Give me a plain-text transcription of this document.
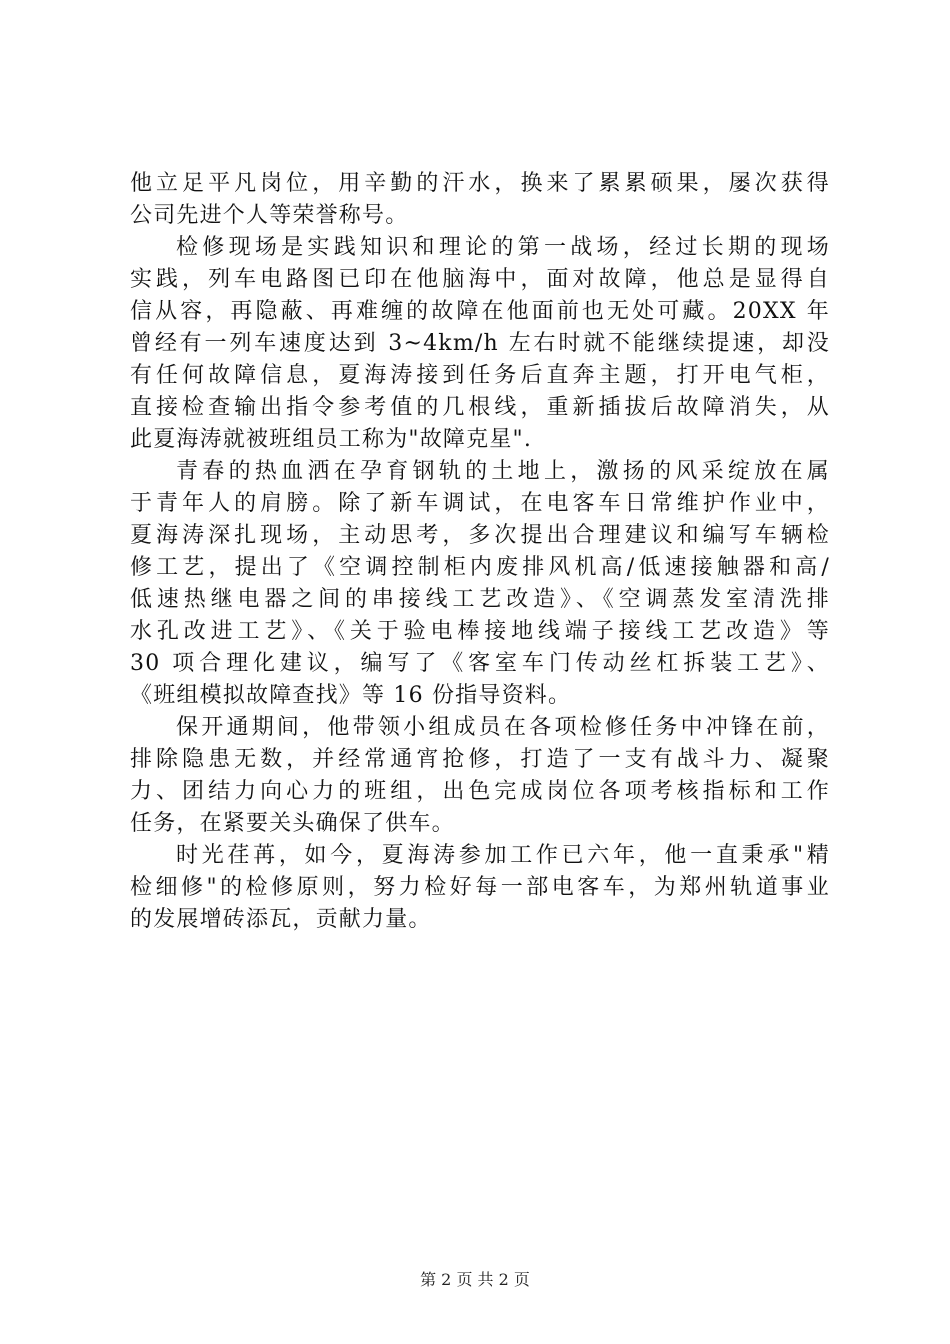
他立足平凡岗位，用辛勤的汗水，换来了累累硕果，屡次获得
公司先进个人等荣誉称号。
检修现场是实践知识和理论的第一战场，经过长期的现场
实践，列车电路图已印在他脑海中，面对故障，他总是显得自
信从容，再隐蔽、再难缠的故障在他面前也无处可藏。20XX 年
曾经有一列车速度达到 3~4km/h 左右时就不能继续提速，却没
有任何故障信息，夏海涛接到任务后直奔主题，打开电气柜，
直接检查输出指令参考值的几根线，重新插拔后故障消失，从
此夏海涛就被班组员工称为"故障克星".
青春的热血洒在孕育钢轨的土地上，激扬的风采绽放在属
于青年人的肩膀。除了新车调试，在电客车日常维护作业中，
夏海涛深扎现场，主动思考，多次提出合理建议和编写车辆检
修工艺，提出了《空调控制柜内废排风机高/低速接触器和高/
低速热继电器之间的串接线工艺改造》、《空调蒸发室清洗排
水孔改进工艺》、《关于验电棒接地线端子接线工艺改造》等
30 项合理化建议，编写了《客室车门传动丝杠拆装工艺》、
《班组模拟故障查找》等 16 份指导资料。
保开通期间，他带领小组成员在各项检修任务中冲锋在前，
排除隐患无数，并经常通宵抢修，打造了一支有战斗力、凝聚
力、团结力向心力的班组，出色完成岗位各项考核指标和工作
任务，在紧要关头确保了供车。
时光荏苒，如今，夏海涛参加工作已六年，他一直秉承"精
检细修"的检修原则，努力检好每一部电客车，为郑州轨道事业
的发展增砖添瓦，贡献力量。
第 2 页 共 2 页
